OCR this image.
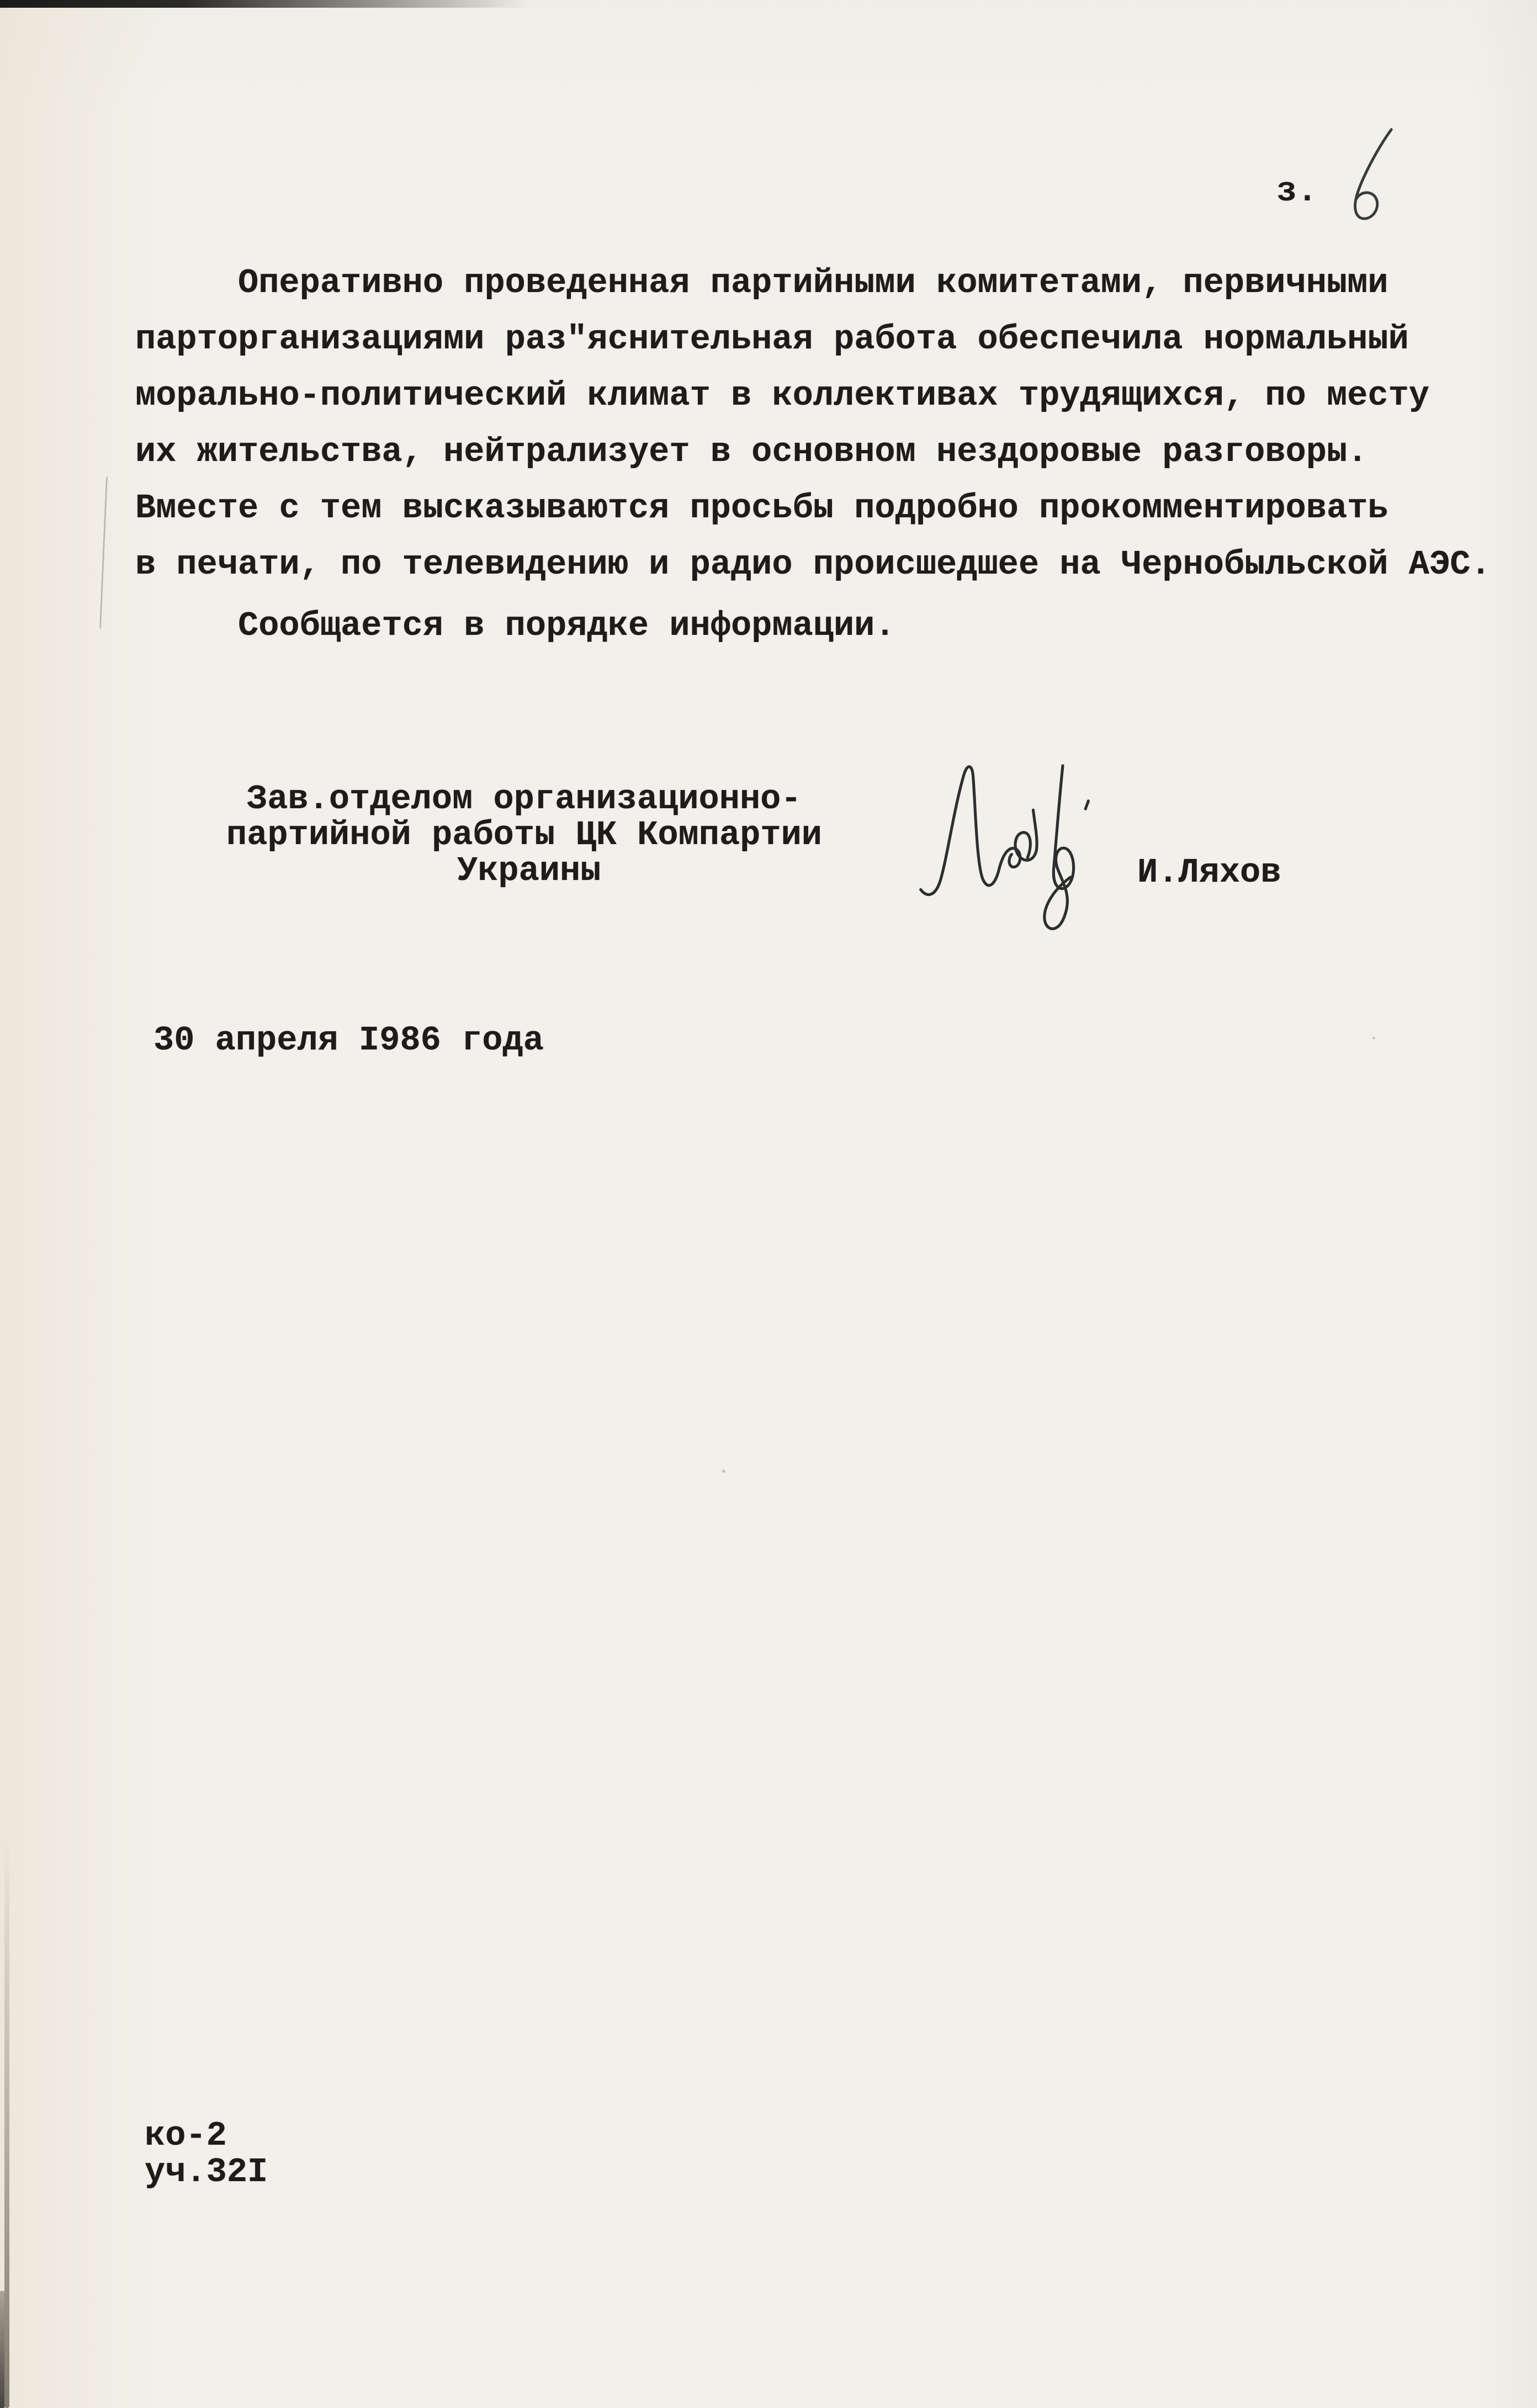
з.
Оперативно проведенная партийными комитетами, первичными
парторганизациями раз"яснительная работа обеспечила нормальный
морально-политический климат в коллективах трудящихся, по месту
их жительства, нейтрализует в основном нездоровые разговоры.
Вместе с тем высказываются просьбы подробно прокомментировать
в печати, по телевидению и радио происшедшее на Чернобыльской АЭС.
Сообщается в порядке информации.
Зав.отделом организационно-
партийной работы ЦК Компартии
Украины	И.Ляхов
30 апреля I986 года
ко-2
уч.32I
